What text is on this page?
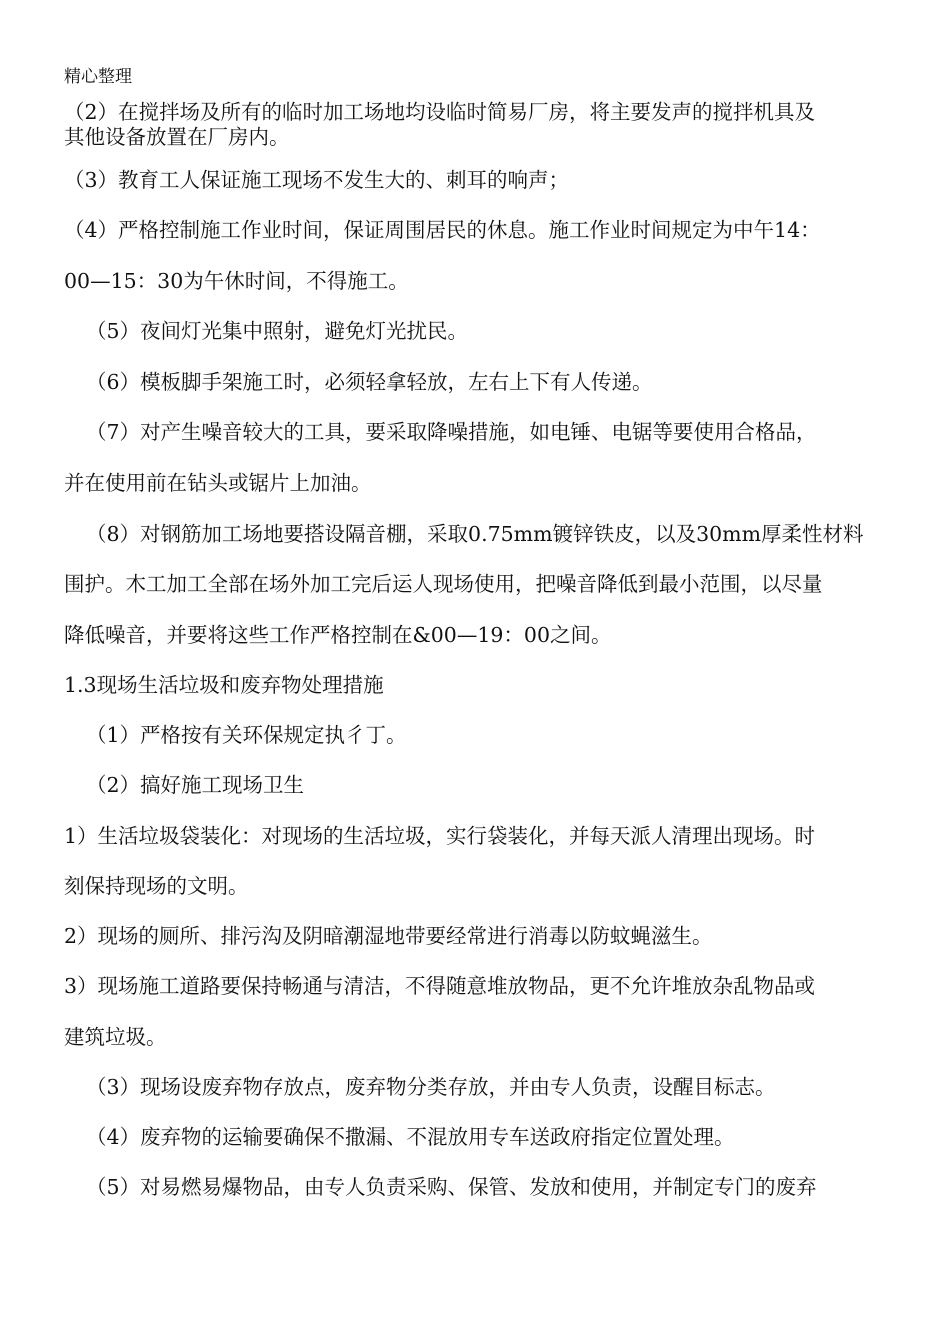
精心整理
（2）在搅拌场及所有的临时加工场地均设临时简易厂房，将主要发声的搅拌机具及
其他设备放置在厂房内。
（3）教育工人保证施工现场不发生大的、刺耳的响声；
（4）严格控制施工作业时间，保证周围居民的休息。施工作业时间规定为中午14：
00—15：30为午休时间，不得施工。
（5）夜间灯光集中照射，避免灯光扰民。
（6）模板脚手架施工时，必须轻拿轻放，左右上下有人传递。
（7）对产生噪音较大的工具，要采取降噪措施，如电锤、电锯等要使用合格品，
并在使用前在钻头或锯片上加油。
（8）对钢筋加工场地要搭设隔音棚，采取0.75mm镀锌铁皮，以及30mm厚柔性材料
围护。木工加工全部在场外加工完后运人现场使用，把噪音降低到最小范围，以尽量
降低噪音，并要将这些工作严格控制在&00—19：00之间。
1.3现场生活垃圾和废弃物处理措施
（1）严格按有关环保规定执彳丁。
（2）搞好施工现场卫生
1）生活垃圾袋装化：对现场的生活垃圾，实行袋装化，并每天派人清理出现场。时
刻保持现场的文明。
2）现场的厕所、排污沟及阴暗潮湿地带要经常进行消毒以防蚊蝇滋生。
3）现场施工道路要保持畅通与清洁，不得随意堆放物品，更不允许堆放杂乱物品或
建筑垃圾。
（3）现场设废弃物存放点，废弃物分类存放，并由专人负责，设醒目标志。
（4）废弃物的运输要确保不撒漏、不混放用专车送政府指定位置处理。
（5）对易燃易爆物品，由专人负责采购、保管、发放和使用，并制定专门的废弃
